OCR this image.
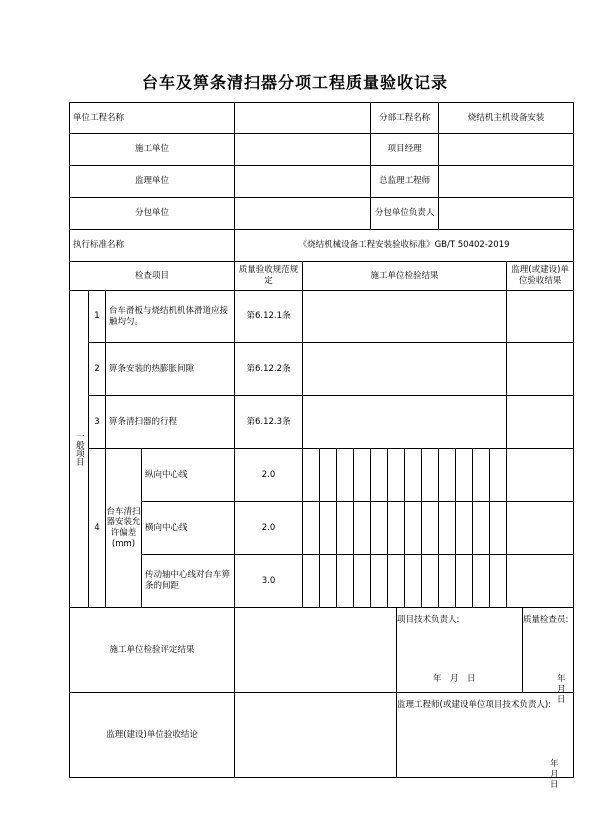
台车及箅条清扫器分项工程质量验收记录
单位工程名称									分部工程名称				烧结机主机设备安装				
施工单位									项目经理								
监理单位									总监理工程师								
分包单位									分包单位负责人								
执行标准名称				《烧结机械设备工程安装验收标准》GB/T 50402-2019													
检查项目				质量验收规范规定	施工单位检验结果												监理(或建设)单位验收结果

一般项目	1	台车滑板与烧结机机体滑道应接触均匀。		第6.12.1条													
	2	箅条安装的热膨胀间隙		第6.12.2条													
	3	箅条清扫器的行程		第6.12.3条													
	4	台车清扫器安装允许偏差(mm)	纵向中心线	2.0													
			横向中心线	2.0													
			传动轴中心线对台车箅条的间距	3.0													
施工单位检验评定结果				项目技术负责人: 质量检查员:
年　月　日 年　月　日													

监理(建设)单位验收结论				监理工程师(或建设单位项目技术负责人):
年　月　日													
